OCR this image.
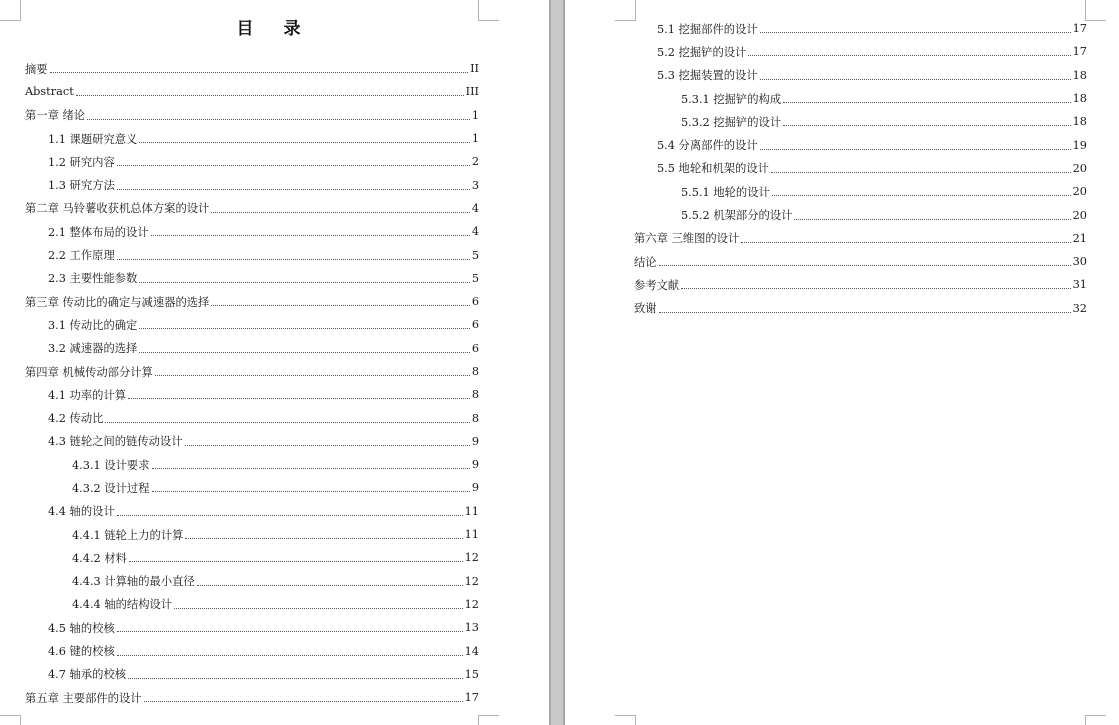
目 录
摘要	II
Abstract	III
第一章 绪论	1
1.1 课题研究意义	1
1.2 研究内容	2
1.3 研究方法	3
第二章 马铃薯收获机总体方案的设计	4
2.1 整体布局的设计	4
2.2 工作原理	5
2.3 主要性能参数	5
第三章 传动比的确定与减速器的选择	6
3.1 传动比的确定	6
3.2 减速器的选择	6
第四章 机械传动部分计算	8
4.1 功率的计算	8
4.2 传动比	8
4.3 链轮之间的链传动设计	9
4.3.1 设计要求	9
4.3.2 设计过程	9
4.4 轴的设计	11
4.4.1 链轮上力的计算	11
4.4.2 材料	12
4.4.3 计算轴的最小直径	12
4.4.4 轴的结构设计	12
4.5 轴的校核	13
4.6 键的校核	14
4.7 轴承的校核	15
第五章 主要部件的设计	17
5.1 挖掘部件的设计	17
5.2 挖掘铲的设计	17
5.3 挖掘装置的设计	18
5.3.1 挖掘铲的构成	18
5.3.2 挖掘铲的设计	18
5.4 分离部件的设计	19
5.5 地轮和机架的设计	20
5.5.1 地轮的设计	20
5.5.2 机架部分的设计	20
第六章 三维图的设计	21
结论	30
参考文献	31
致谢	32
